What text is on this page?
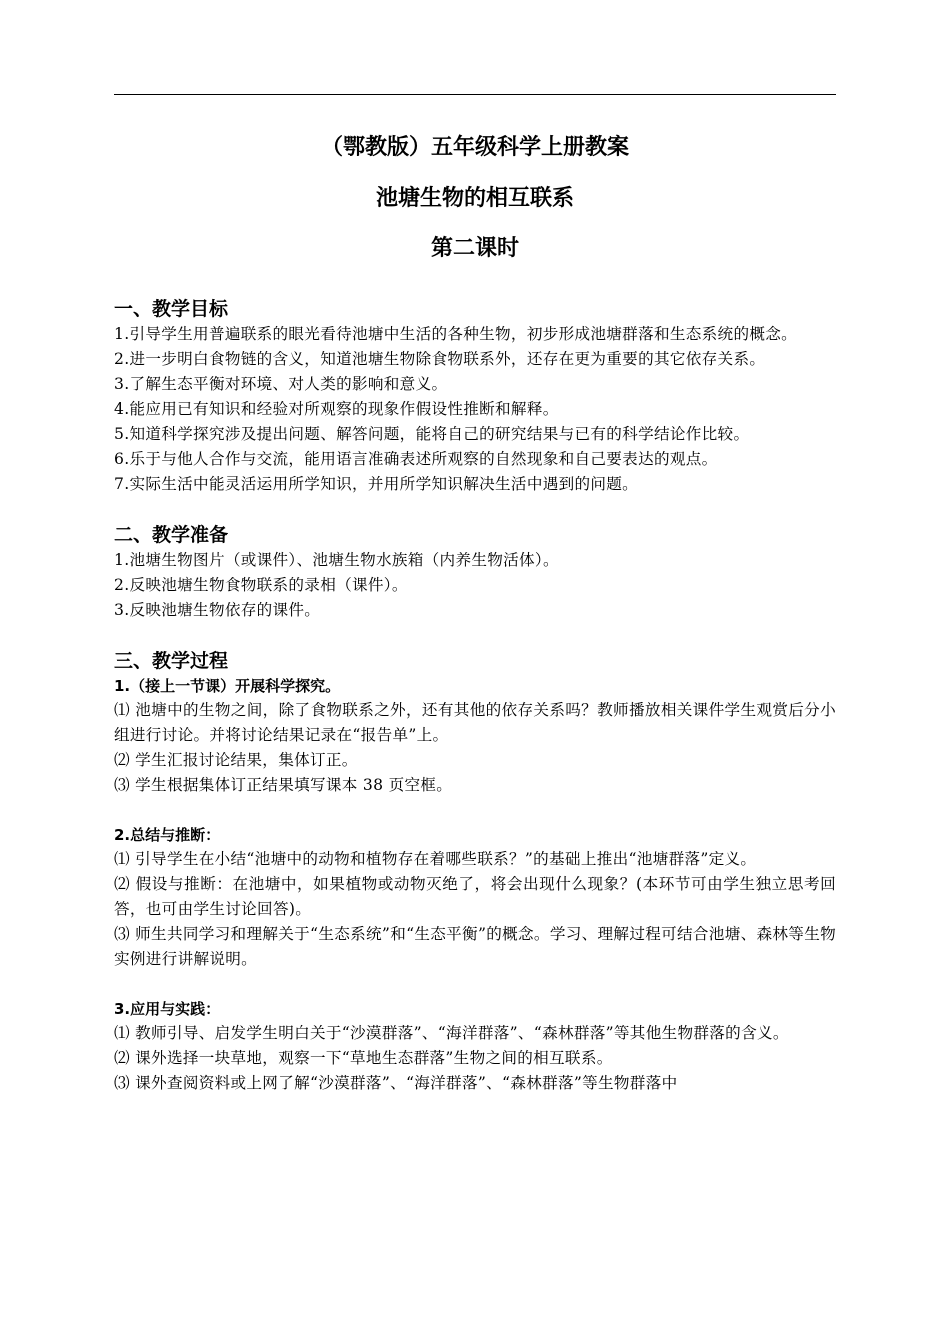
（鄂教版）五年级科学上册教案
池塘生物的相互联系
第二课时

一、教学目标

1.引导学生用普遍联系的眼光看待池塘中生活的各种生物，初步形成池塘群落和生态系统的概念。

2.进一步明白食物链的含义，知道池塘生物除食物联系外，还存在更为重要的其它依存关系。

3.了解生态平衡对环境、对人类的影响和意义。

4.能应用已有知识和经验对所观察的现象作假设性推断和解释。

5.知道科学探究涉及提出问题、解答问题，能将自己的研究结果与已有的科学结论作比较。

6.乐于与他人合作与交流，能用语言准确表述所观察的自然现象和自己要表达的观点。

7.实际生活中能灵活运用所学知识，并用所学知识解决生活中遇到的问题。

二、教学准备

1.池塘生物图片（或课件）、池塘生物水族箱（内养生物活体）。

2.反映池塘生物食物联系的录相（课件）。

3.反映池塘生物依存的课件。

三、教学过程

1.（接上一节课）开展科学探究。

⑴ 池塘中的生物之间，除了食物联系之外，还有其他的依存关系吗？教师播放相关课件学生观赏后分小组进行讨论。并将讨论结果记录在“报告单”上。

⑵ 学生汇报讨论结果，集体订正。

⑶ 学生根据集体订正结果填写课本 38 页空框。

2.总结与推断：

⑴ 引导学生在小结“池塘中的动物和植物存在着哪些联系？”的基础上推出“池塘群落”定义。

⑵ 假设与推断：在池塘中，如果植物或动物灭绝了，将会出现什么现象？(本环节可由学生独立思考回答，也可由学生讨论回答)。

⑶ 师生共同学习和理解关于“生态系统”和“生态平衡”的概念。学习、理解过程可结合池塘、森林等生物实例进行讲解说明。

3.应用与实践：

⑴ 教师引导、启发学生明白关于“沙漠群落”、“海洋群落”、“森林群落”等其他生物群落的含义。

⑵ 课外选择一块草地，观察一下“草地生态群落”生物之间的相互联系。

⑶ 课外查阅资料或上网了解“沙漠群落”、“海洋群落”、“森林群落”等生物群落中
